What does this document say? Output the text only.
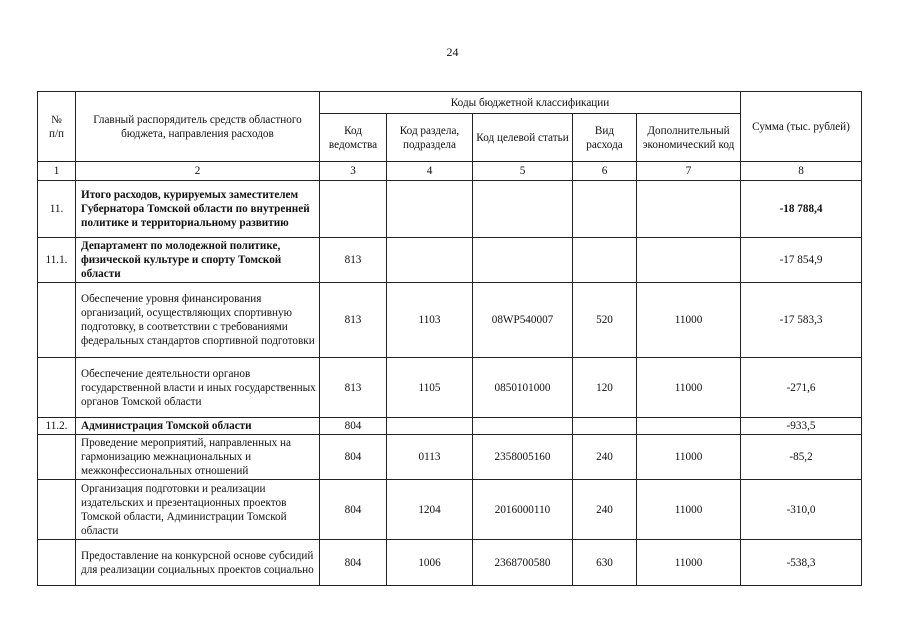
24
№
п/п	Главный распорядитель средств областного бюджета, направления расходов	Коды бюджетной классификации					Сумма (тыс. рублей)
		Код ведомства	Код раздела, подраздела	Код целевой статьи	Вид расхода	Дополнительный экономический код	
1	2	3	4	5	6	7	8
11.	Итого расходов, курируемых заместителем Губернатора Томской области по внутренней политике и территориальному развитию						-18 788,4
11.1.	Департамент по молодежной политике, физической культуре и спорту Томской области	813					-17 854,9
	Обеспечение уровня финансирования организаций, осуществляющих спортивную подготовку, в соответствии с требованиями федеральных стандартов спортивной подготовки	813	1103	08WP540007	520	11000	-17 583,3
	Обеспечение деятельности органов государственной власти и иных государственных органов Томской области	813	1105	0850101000	120	11000	-271,6
11.2.	Администрация Томской области	804					-933,5
	Проведение мероприятий, направленных на гармонизацию межнациональных и межконфессиональных отношений	804	0113	2358005160	240	11000	-85,2
	Организация подготовки и реализации издательских и презентационных проектов Томской области, Администрации Томской области	804	1204	2016000110	240	11000	-310,0
	Предоставление на конкурсной основе субсидий для реализации социальных проектов социально	804	1006	2368700580	630	11000	-538,3
